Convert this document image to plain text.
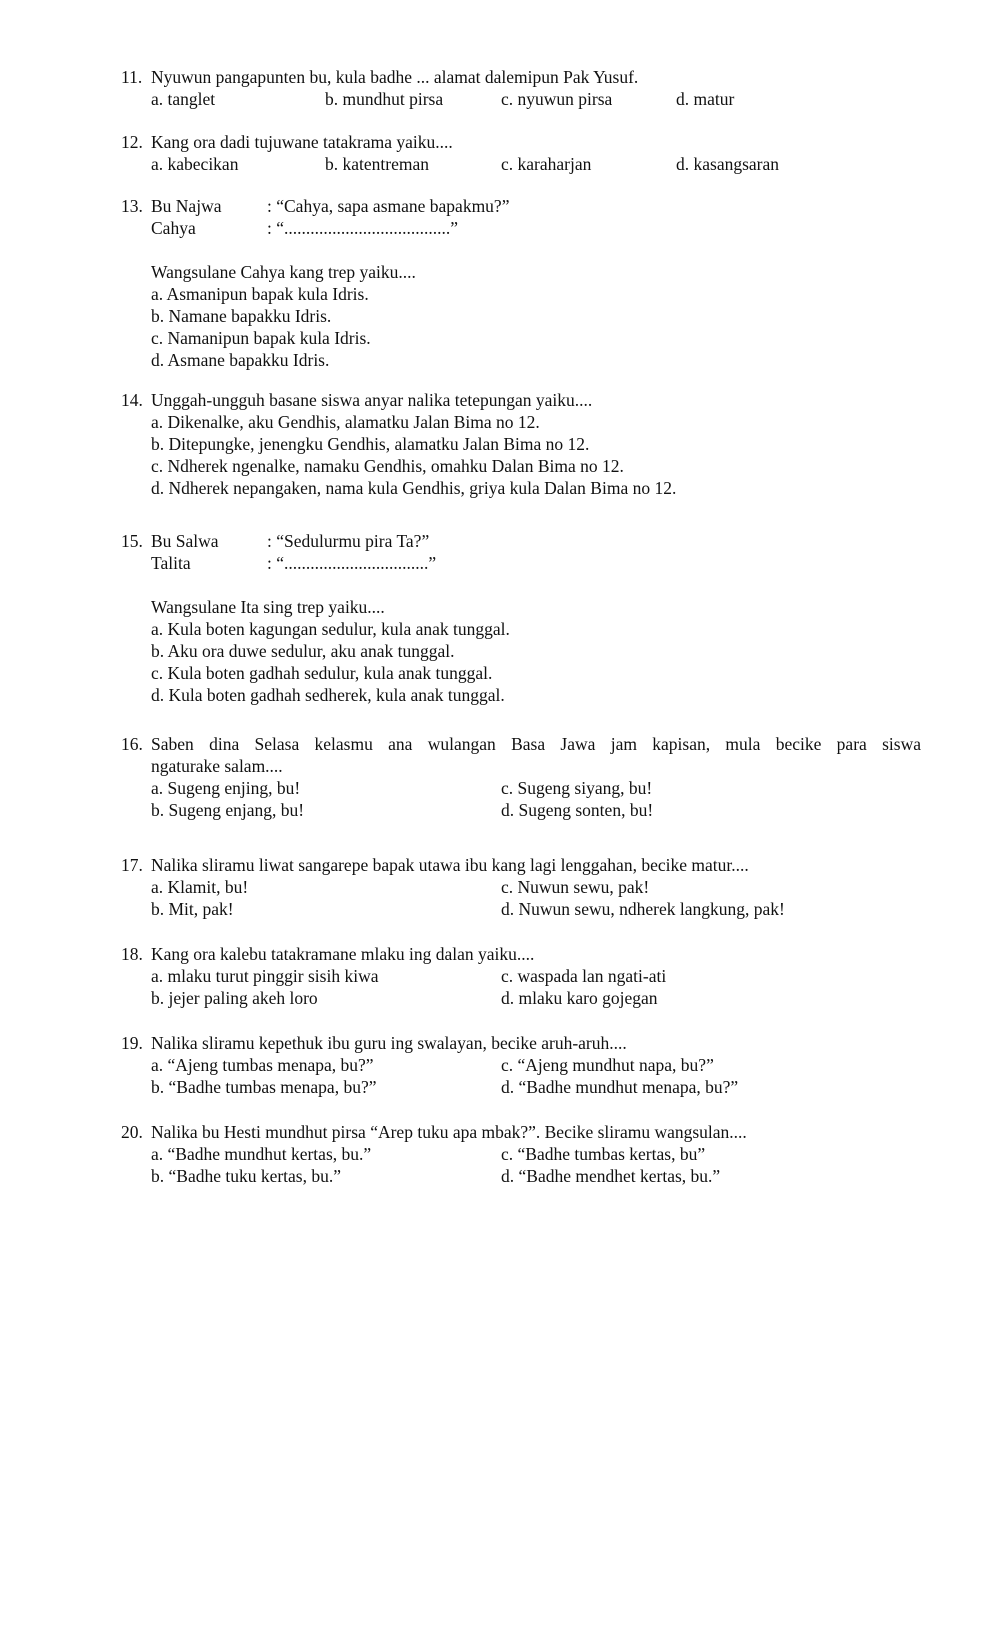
11. Nyuwun pangapunten bu, kula badhe ... alamat dalemipun Pak Yusuf.
a. tanglet	b. mundhut pirsa	c. nyuwun pirsa	d. matur
12. Kang ora dadi tujuwane tatakrama yaiku....
a. kabecikan	b. katentreman	c. karaharjan	d. kasangsaran
13. Bu Najwa	: “Cahya, sapa asmane bapakmu?”
Cahya	: “......................................”
Wangsulane Cahya kang trep yaiku....
a. Asmanipun bapak kula Idris.
b. Namane bapakku Idris.
c. Namanipun bapak kula Idris.
d. Asmane bapakku Idris.
14. Unggah-ungguh basane siswa anyar nalika tetepungan yaiku....
a. Dikenalke, aku Gendhis, alamatku Jalan Bima no 12.
b. Ditepungke, jenengku Gendhis, alamatku Jalan Bima no 12.
c. Ndherek ngenalke, namaku Gendhis, omahku Dalan Bima no 12.
d. Ndherek nepangaken, nama kula Gendhis, griya kula Dalan Bima no 12.
15. Bu Salwa	: “Sedulurmu pira Ta?”
Talita	: “.................................”
Wangsulane Ita sing trep yaiku....
a. Kula boten kagungan sedulur, kula anak tunggal.
b. Aku ora duwe sedulur, aku anak tunggal.
c. Kula boten gadhah sedulur, kula anak tunggal.
d. Kula boten gadhah sedherek, kula anak tunggal.
16. Saben dina Selasa kelasmu ana wulangan Basa Jawa jam kapisan, mula becike para siswa
ngaturake salam....
a. Sugeng enjing, bu!	c. Sugeng siyang, bu!
b. Sugeng enjang, bu!	d. Sugeng sonten, bu!
17. Nalika sliramu liwat sangarepe bapak utawa ibu kang lagi lenggahan, becike matur....
a. Klamit, bu!	c. Nuwun sewu, pak!
b. Mit, pak!	d. Nuwun sewu, ndherek langkung, pak!
18. Kang ora kalebu tatakramane mlaku ing dalan yaiku....
a. mlaku turut pinggir sisih kiwa	c. waspada lan ngati-ati
b. jejer paling akeh loro	d. mlaku karo gojegan
19. Nalika sliramu kepethuk ibu guru ing swalayan, becike aruh-aruh....
a. “Ajeng tumbas menapa, bu?”	c. “Ajeng mundhut napa, bu?”
b. “Badhe tumbas menapa, bu?”	d. “Badhe mundhut menapa, bu?”
20. Nalika bu Hesti mundhut pirsa “Arep tuku apa mbak?”. Becike sliramu wangsulan....
a. “Badhe mundhut kertas, bu.”	c. “Badhe tumbas kertas, bu”
b. “Badhe tuku kertas, bu.”	d. “Badhe mendhet kertas, bu.”
